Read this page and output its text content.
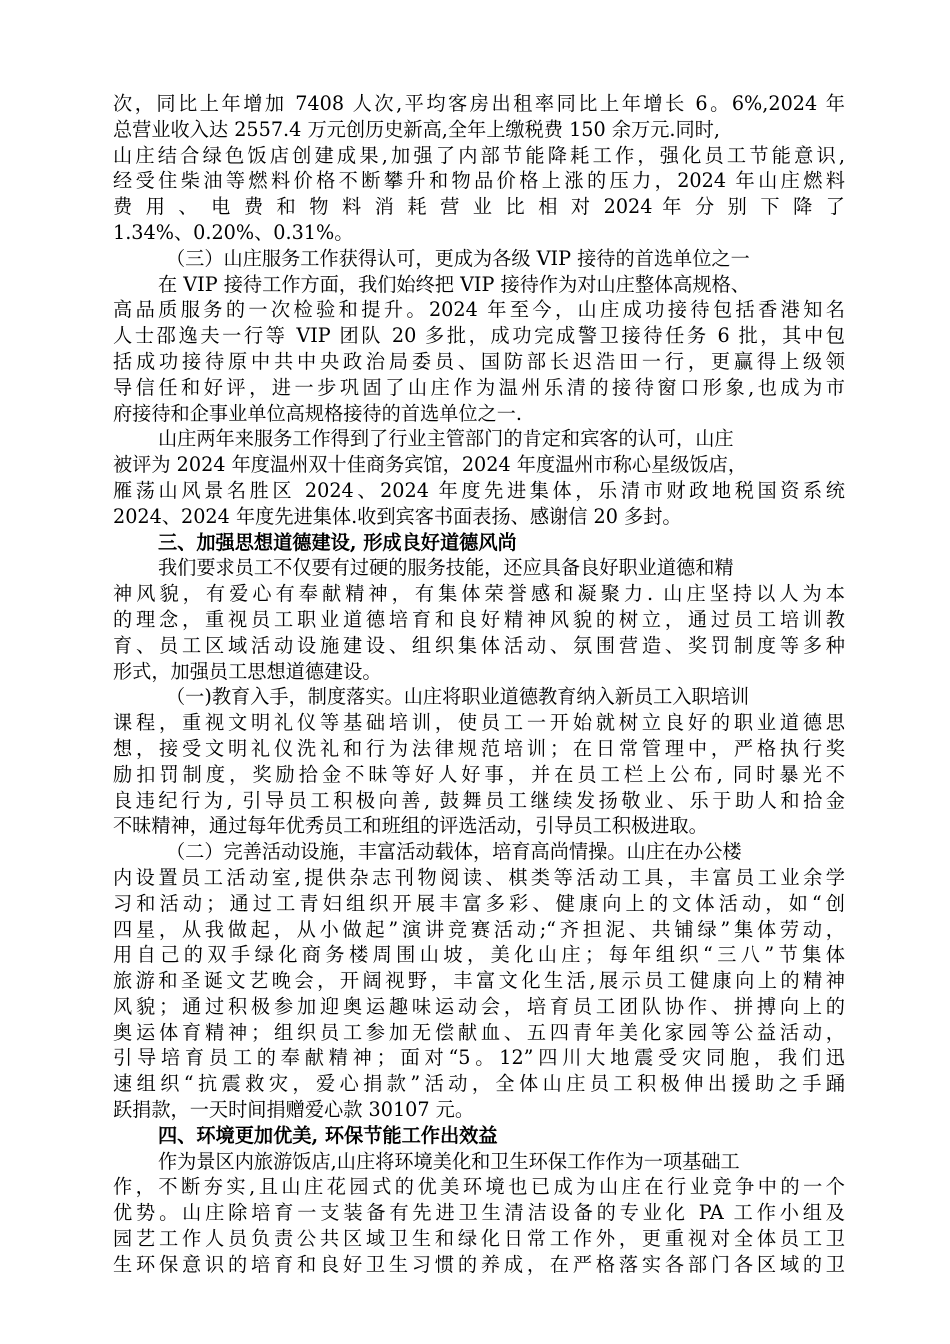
次，同比上年增加 7408 人次,平均客房出租率同比上年增长 6。6%,2024 年
总营业收入达 2557.4 万元创历史新高,全年上缴税费 150 余万元.同时,
山庄结合绿色饭店创建成果,加强了内部节能降耗工作，强化员工节能意识,
经受住柴油等燃料价格不断攀升和物品价格上涨的压力，2024 年山庄燃料
费 用 、 电 费 和 物 料 消 耗 营 业 比 相 对 2024 年 分 别 下 降 了
1.34%、0.20%、0.31%。
（三）山庄服务工作获得认可，更成为各级 VIP 接待的首选单位之一
在 VIP 接待工作方面，我们始终把 VIP 接待作为对山庄整体高规格、
高品质服务的一次检验和提升。2024 年至今，山庄成功接待包括香港知名
人士邵逸夫一行等 VIP 团队 20 多批，成功完成警卫接待任务 6 批，其中包
括成功接待原中共中央政治局委员、国防部长迟浩田一行，更赢得上级领
导信任和好评，进一步巩固了山庄作为温州乐清的接待窗口形象,也成为市
府接待和企事业单位高规格接待的首选单位之一.
山庄两年来服务工作得到了行业主管部门的肯定和宾客的认可，山庄
被评为 2024 年度温州双十佳商务宾馆，2024 年度温州市称心星级饭店，
雁荡山风景名胜区 2024、2024 年度先进集体，乐清市财政地税国资系统
2024、2024 年度先进集体.收到宾客书面表扬、感谢信 20 多封。
三、加强思想道德建设, 形成良好道德风尚
我们要求员工不仅要有过硬的服务技能，还应具备良好职业道德和精
神风貌，有爱心有奉献精神，有集体荣誉感和凝聚力. 山庄坚持以人为本
的理念，重视员工职业道德培育和良好精神风貌的树立，通过员工培训教
育、员工区域活动设施建设、组织集体活动、氛围营造、奖罚制度等多种
形式，加强员工思想道德建设。
（一)教育入手，制度落实。山庄将职业道德教育纳入新员工入职培训
课程，重视文明礼仪等基础培训，使员工一开始就树立良好的职业道德思
想，接受文明礼仪洗礼和行为法律规范培训；在日常管理中，严格执行奖
励扣罚制度，奖励拾金不昧等好人好事，并在员工栏上公布, 同时暴光不
良违纪行为, 引导员工积极向善, 鼓舞员工继续发扬敬业、乐于助人和拾金
不昧精神，通过每年优秀员工和班组的评选活动，引导员工积极进取。
（二）完善活动设施，丰富活动载体，培育高尚情操。山庄在办公楼
内设置员工活动室,提供杂志刊物阅读、棋类等活动工具，丰富员工业余学
习和活动；通过工青妇组织开展丰富多彩、健康向上的文体活动，如“创
四星，从我做起，从小做起”演讲竞赛活动;“齐担泥、共铺绿”集体劳动，
用自己的双手绿化商务楼周围山坡，美化山庄；每年组织“三八”节集体
旅游和圣诞文艺晚会，开阔视野，丰富文化生活,展示员工健康向上的精神
风貌；通过积极参加迎奥运趣味运动会，培育员工团队协作、拼搏向上的
奥运体育精神；组织员工参加无偿献血、五四青年美化家园等公益活动，
引导培育员工的奉献精神；面对“5。12”四川大地震受灾同胞，我们迅
速组织“抗震救灾，爱心捐款”活动，全体山庄员工积极伸出援助之手踊
跃捐款，一天时间捐赠爱心款 30107 元。
四、环境更加优美, 环保节能工作出效益
作为景区内旅游饭店,山庄将环境美化和卫生环保工作作为一项基础工
作，不断夯实,且山庄花园式的优美环境也已成为山庄在行业竞争中的一个
优势。山庄除培育一支装备有先进卫生清洁设备的专业化 PA 工作小组及
园艺工作人员负责公共区域卫生和绿化日常工作外，更重视对全体员工卫
生环保意识的培育和良好卫生习惯的养成，在严格落实各部门各区域的卫
